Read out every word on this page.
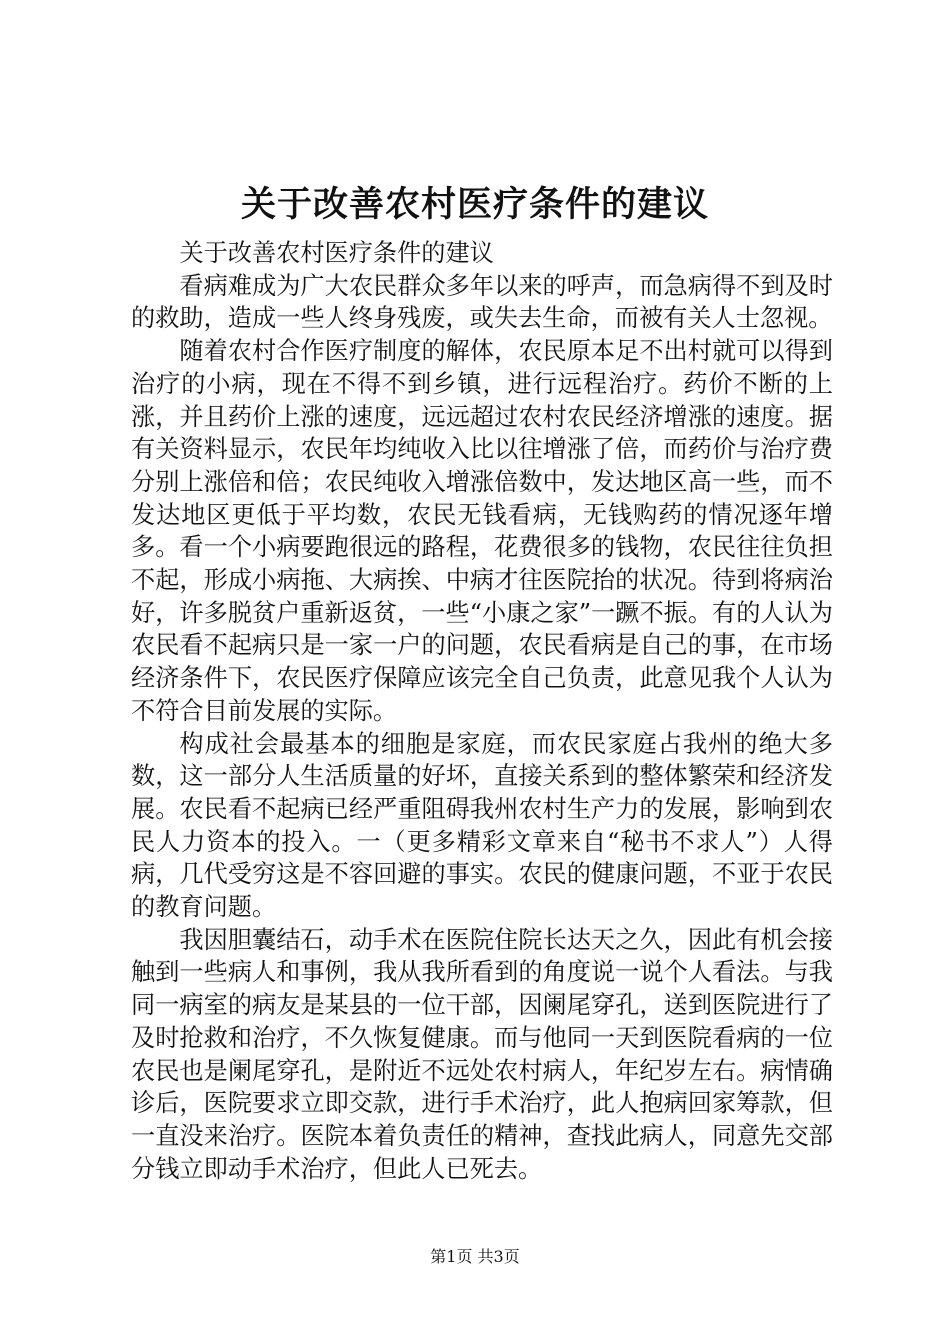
关于改善农村医疗条件的建议

关于改善农村医疗条件的建议

看病难成为广大农民群众多年以来的呼声，而急病得不到及时的救助，造成一些人终身残废，或失去生命，而被有关人士忽视。

随着农村合作医疗制度的解体，农民原本足不出村就可以得到治疗的小病，现在不得不到乡镇，进行远程治疗。药价不断的上涨，并且药价上涨的速度，远远超过农村农民经济增涨的速度。据有关资料显示，农民年均纯收入比以往增涨了倍，而药价与治疗费分别上涨倍和倍；农民纯收入增涨倍数中，发达地区高一些，而不发达地区更低于平均数，农民无钱看病，无钱购药的情况逐年增多。看一个小病要跑很远的路程，花费很多的钱物，农民往往负担不起，形成小病拖、大病挨、中病才往医院抬的状况。待到将病治好，许多脱贫户重新返贫，一些“小康之家”一蹶不振。有的人认为农民看不起病只是一家一户的问题，农民看病是自己的事，在市场经济条件下，农民医疗保障应该完全自己负责，此意见我个人认为不符合目前发展的实际。

构成社会最基本的细胞是家庭，而农民家庭占我州的绝大多数，这一部分人生活质量的好坏，直接关系到的整体繁荣和经济发展。农民看不起病已经严重阻碍我州农村生产力的发展，影响到农民人力资本的投入。一（更多精彩文章来自“秘书不求人”）人得病，几代受穷这是不容回避的事实。农民的健康问题，不亚于农民的教育问题。

我因胆囊结石，动手术在医院住院长达天之久，因此有机会接触到一些病人和事例，我从我所看到的角度说一说个人看法。与我同一病室的病友是某县的一位干部，因阑尾穿孔，送到医院进行了及时抢救和治疗，不久恢复健康。而与他同一天到医院看病的一位农民也是阑尾穿孔，是附近不远处农村病人，年纪岁左右。病情确诊后，医院要求立即交款，进行手术治疗，此人抱病回家筹款，但一直没来治疗。医院本着负责任的精神，查找此病人，同意先交部分钱立即动手术治疗，但此人已死去。

第1页 共3页
